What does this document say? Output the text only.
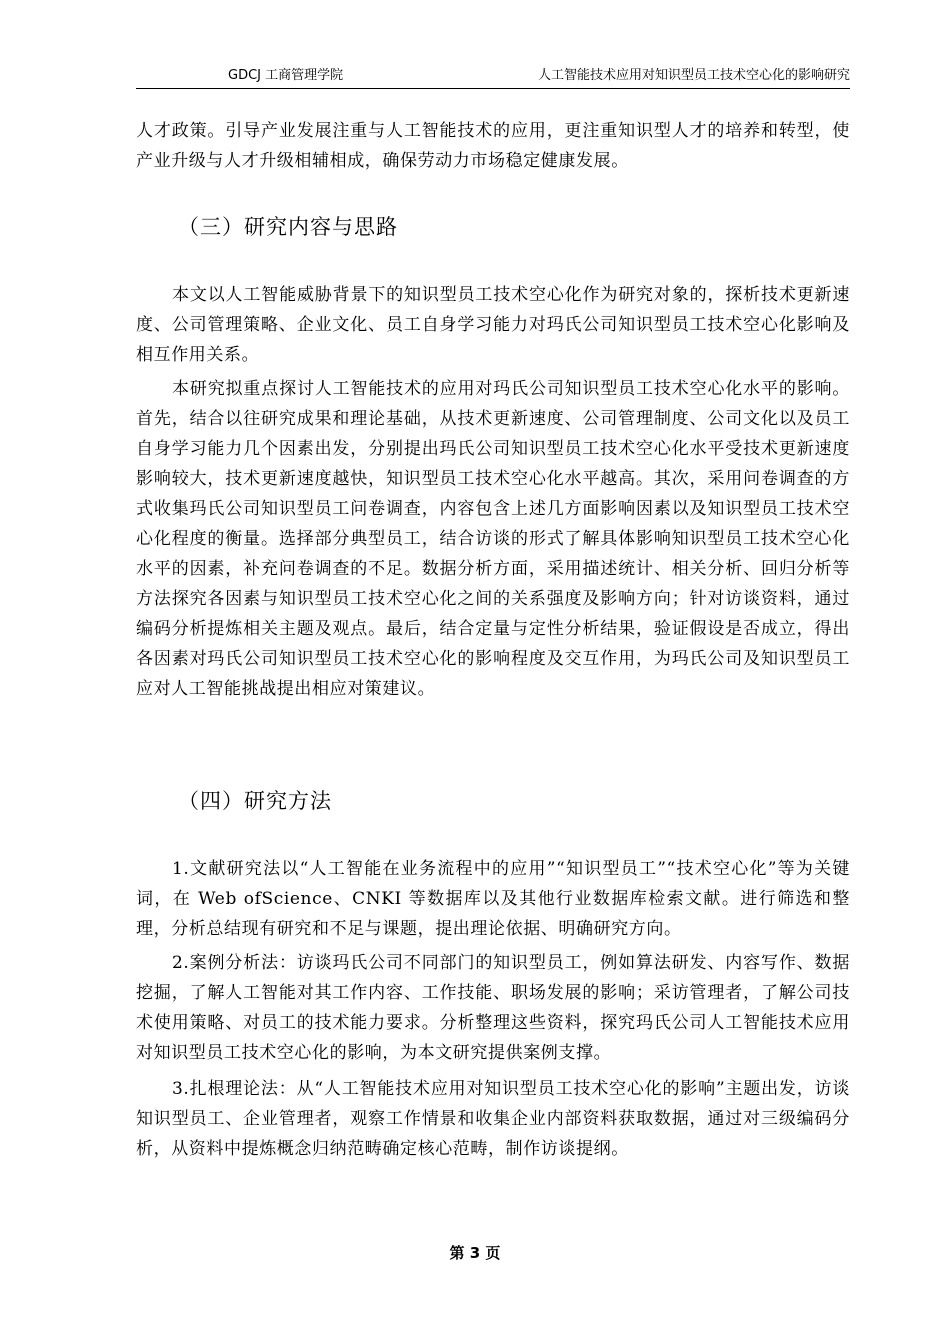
GDCJ 工商管理学院	人工智能技术应用对知识型员工技术空心化的影响研究

人才政策。引导产业发展注重与人工智能技术的应用，更注重知识型人才的培养和转型，使产业升级与人才升级相辅相成，确保劳动力市场稳定健康发展。

（三）研究内容与思路

本文以人工智能威胁背景下的知识型员工技术空心化作为研究对象的，探析技术更新速度、公司管理策略、企业文化、员工自身学习能力对玛氏公司知识型员工技术空心化影响及相互作用关系。

本研究拟重点探讨人工智能技术的应用对玛氏公司知识型员工技术空心化水平的影响。首先，结合以往研究成果和理论基础，从技术更新速度、公司管理制度、公司文化以及员工自身学习能力几个因素出发，分别提出玛氏公司知识型员工技术空心化水平受技术更新速度影响较大，技术更新速度越快，知识型员工技术空心化水平越高。其次，采用问卷调查的方式收集玛氏公司知识型员工问卷调查，内容包含上述几方面影响因素以及知识型员工技术空心化程度的衡量。选择部分典型员工，结合访谈的形式了解具体影响知识型员工技术空心化水平的因素，补充问卷调查的不足。数据分析方面，采用描述统计、相关分析、回归分析等方法探究各因素与知识型员工技术空心化之间的关系强度及影响方向；针对访谈资料，通过编码分析提炼相关主题及观点。最后，结合定量与定性分析结果，验证假设是否成立，得出各因素对玛氏公司知识型员工技术空心化的影响程度及交互作用，为玛氏公司及知识型员工应对人工智能挑战提出相应对策建议。

（四）研究方法

1.文献研究法以“人工智能在业务流程中的应用”“知识型员工”“技术空心化”等为关键词，在 Web ofScience、CNKI 等数据库以及其他行业数据库检索文献。进行筛选和整理，分析总结现有研究和不足与课题，提出理论依据、明确研究方向。

2.案例分析法：访谈玛氏公司不同部门的知识型员工，例如算法研发、内容写作、数据挖掘，了解人工智能对其工作内容、工作技能、职场发展的影响；采访管理者，了解公司技术使用策略、对员工的技术能力要求。分析整理这些资料，探究玛氏公司人工智能技术应用对知识型员工技术空心化的影响，为本文研究提供案例支撑。

3.扎根理论法：从“人工智能技术应用对知识型员工技术空心化的影响”主题出发，访谈知识型员工、企业管理者，观察工作情景和收集企业内部资料获取数据，通过对三级编码分析，从资料中提炼概念归纳范畴确定核心范畴，制作访谈提纲。

第 3 页
